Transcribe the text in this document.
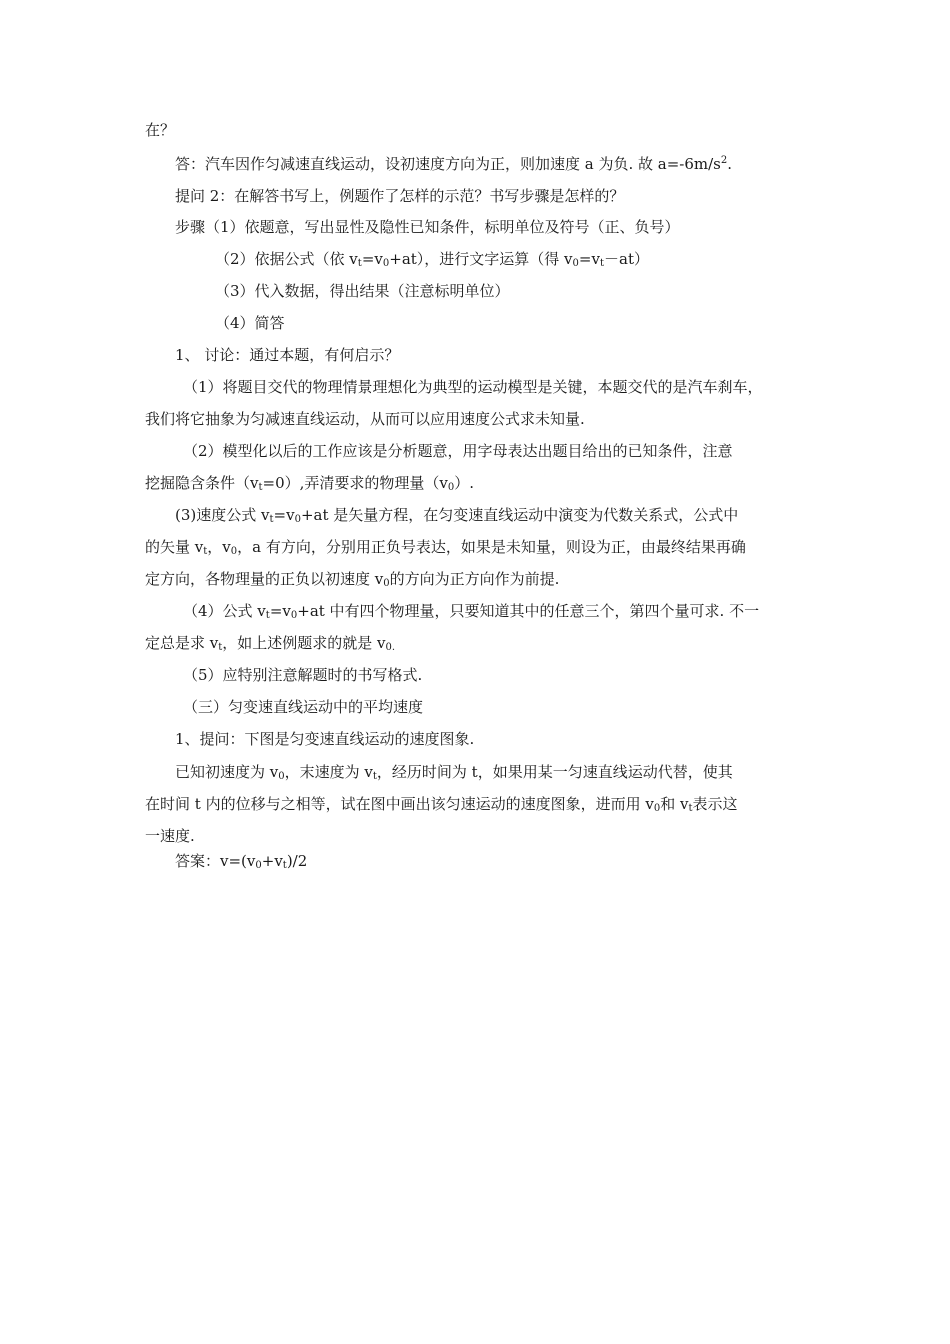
在？
答：汽车因作匀减速直线运动，设初速度方向为正，则加速度 a 为负. 故 $a=-6m/s^2$.
提问 2：在解答书写上，例题作了怎样的示范？书写步骤是怎样的？
步骤（1）依题意，写出显性及隐性已知条件，标明单位及符号（正、负号）
（2）依据公式（依 $v_t=v_0+at$），进行文字运算（得 $v_0=v_t-at$）
（3）代入数据，得出结果（注意标明单位）
（4）简答
1、 讨论：通过本题，有何启示？
（1）将题目交代的物理情景理想化为典型的运动模型是关键，本题交代的是汽车刹车，
我们将它抽象为匀减速直线运动，从而可以应用速度公式求未知量.
（2）模型化以后的工作应该是分析题意，用字母表达出题目给出的已知条件，注意
挖掘隐含条件$(v_t=0)$,弄清要求的物理量$(v_0)$.
(3)速度公式 $v_t=v_0+at$ 是矢量方程，在匀变速直线运动中演变为代数关系式，公式中
的矢量 $v_t$，$v_0$，a 有方向，分别用正负号表达，如果是未知量，则设为正，由最终结果再确
定方向，各物理量的正负以初速度 $v_0$的方向为正方向作为前提.
（4）公式 $v_t=v_0+at$ 中有四个物理量，只要知道其中的任意三个，第四个量可求. 不一
定总是求 $v_t$，如上述例题求的就是 $v_{0.}$
（5）应特别注意解题时的书写格式.
（三）匀变速直线运动中的平均速度
1、提问：下图是匀变速直线运动的速度图象.
已知初速度为 $v_0$，末速度为 $v_t$，经历时间为 t，如果用某一匀速直线运动代替，使其
在时间 t 内的位移与之相等，试在图中画出该匀速运动的速度图象，进而用 $v_0$和 $v_t$表示这
一速度.
答案：$v=(v_0+v_t)/2$
